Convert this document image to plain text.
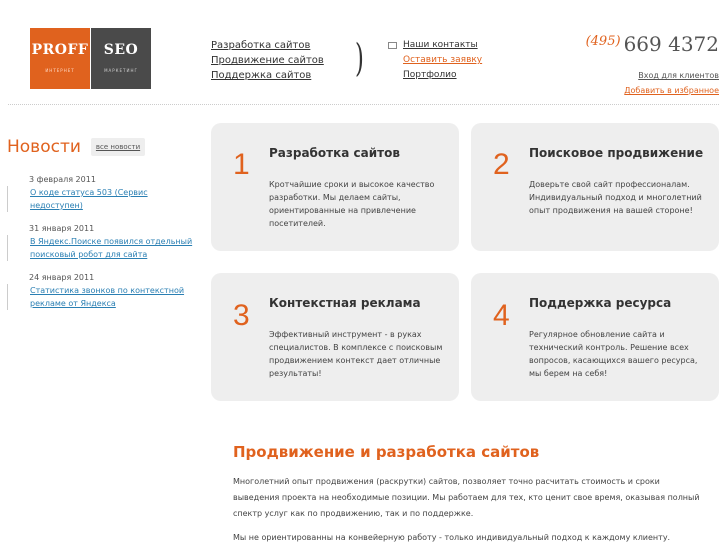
PROFF
ИНТЕРНЕТ
SEO
МАРКЕТИНГ
Разработка сайтов
Продвижение сайтов
Поддержка сайтов	)	Наши контакты
Оставить заявку
Портфолио
$^{(495)}$ 669 4372
Вход для клиентов
Добавить в избранное
Новости	все новости
3 февраля 2011
О коде статуса 503 (Сервис недоступен)
31 января 2011
В Яндекс.Поиске появился отдельный поисковый робот для сайта
24 января 2011
Статистика звонков по контекстной рекламе от Яндекса
1 Разработка сайтов
Кротчайшие сроки и высокое качество разработки. Мы делаем сайты, ориентированные на привлечение посетителей.
2 Поисковое продвижение
Доверьте свой сайт профессионалам. Индивидуальный подход и многолетний опыт продвижения на вашей стороне!
3 Контекстная реклама
Эффективный инструмент - в руках специалистов. В комплексе с поисковым продвижением контекст дает отличные результаты!
4 Поддержка ресурса
Регулярное обновление сайта и технический контроль. Решение всех вопросов, касающихся вашего ресурса, мы берем на себя!
Продвижение и разработка сайтов

Многолетний опыт продвижения (раскрутки) сайтов, позволяет точно расчитать стоимость и сроки выведения проекта на необходимые позиции. Мы работаем для тех, кто ценит свое время, оказывая полный спектр услуг как по продвижению, так и по поддержке.

Мы не ориентированны на конвейерную работу - только индивидуальный подход к каждому клиенту.
